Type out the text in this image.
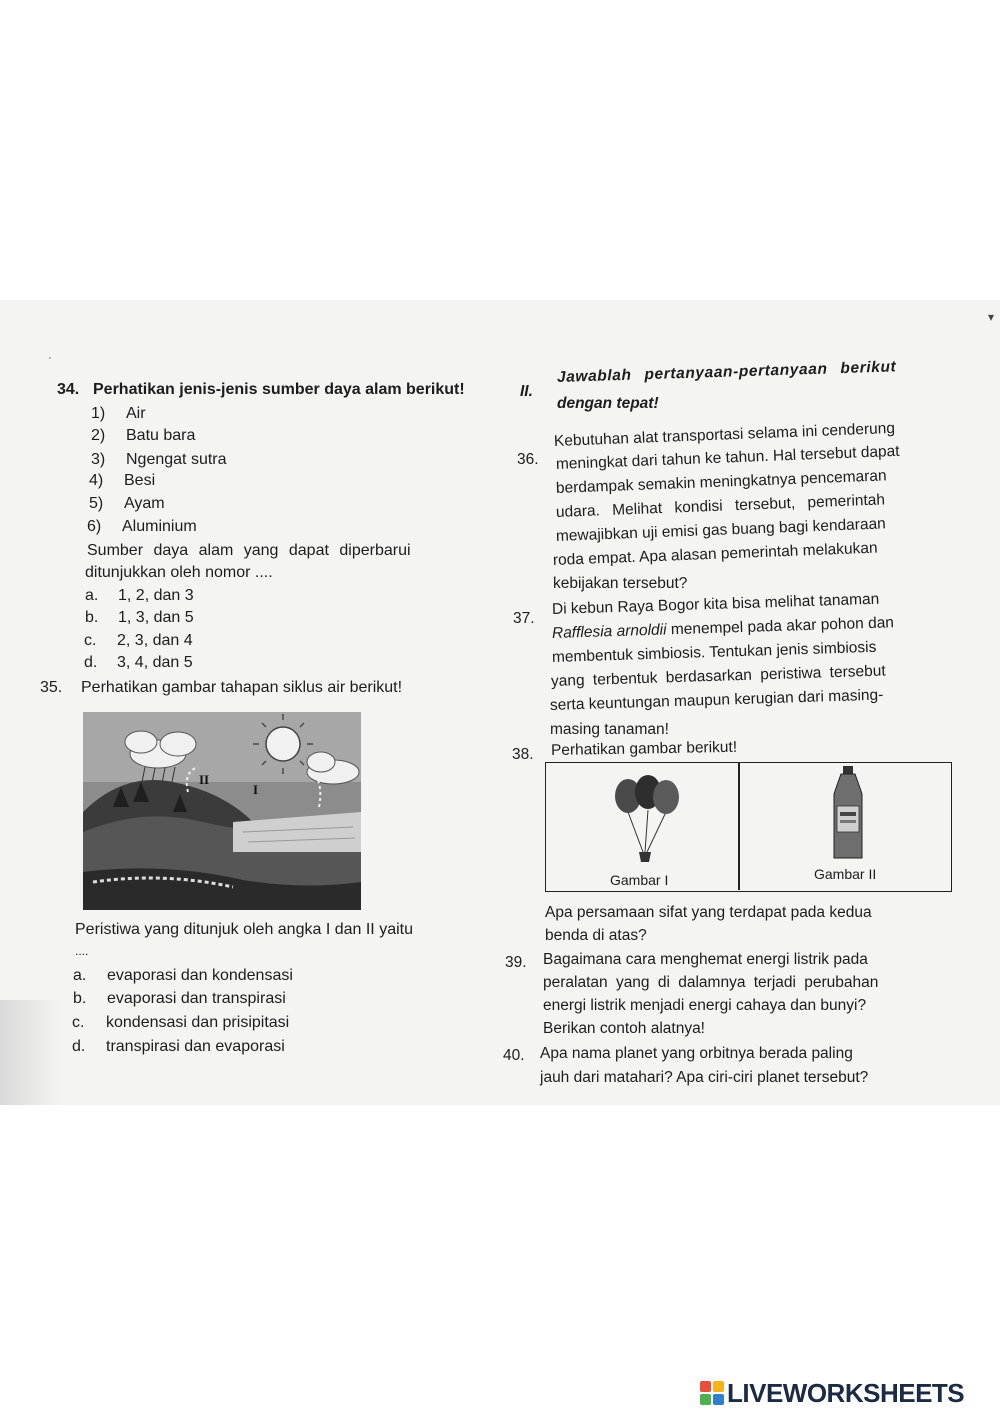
▾
·
34. Perhatikan jenis-jenis sumber daya alam berikut!
1) Air
2) Batu bara
3) Ngengat sutra
4) Besi
5) Ayam
6) Aluminium
Sumber daya alam yang dapat diperbarui
ditunjukkan oleh nomor ....
a. 1, 2, dan 3
b. 1, 3, dan 5
c. 2, 3, dan 4
d. 3, 4, dan 5
35. Perhatikan gambar tahapan siklus air berikut!
II
I
Peristiwa yang ditunjuk oleh angka I dan II yaitu
....
a. evaporasi dan kondensasi
b. evaporasi dan transpirasi
c. kondensasi dan prisipitasi
d. transpirasi dan evaporasi
II.
Jawablah pertanyaan-pertanyaan berikut
dengan tepat!
36.
Kebutuhan alat transportasi selama ini cenderung
meningkat dari tahun ke tahun. Hal tersebut dapat
berdampak semakin meningkatnya pencemaran
udara. Melihat kondisi tersebut, pemerintah
mewajibkan uji emisi gas buang bagi kendaraan
roda empat. Apa alasan pemerintah melakukan
kebijakan tersebut?
37.
Di kebun Raya Bogor kita bisa melihat tanaman
Rafflesia arnoldii menempel pada akar pohon dan
membentuk simbiosis. Tentukan jenis simbiosis
yang terbentuk berdasarkan peristiwa tersebut
serta keuntungan maupun kerugian dari masing-
masing tanaman!
38. Perhatikan gambar berikut!
Gambar I	Gambar II
Apa persamaan sifat yang terdapat pada kedua
benda di atas?
39. Bagaimana cara menghemat energi listrik pada
peralatan yang di dalamnya terjadi perubahan
energi listrik menjadi energi cahaya dan bunyi?
Berikan contoh alatnya!
40. Apa nama planet yang orbitnya berada paling
jauh dari matahari? Apa ciri-ciri planet tersebut?
LIVEWORKSHEETS
